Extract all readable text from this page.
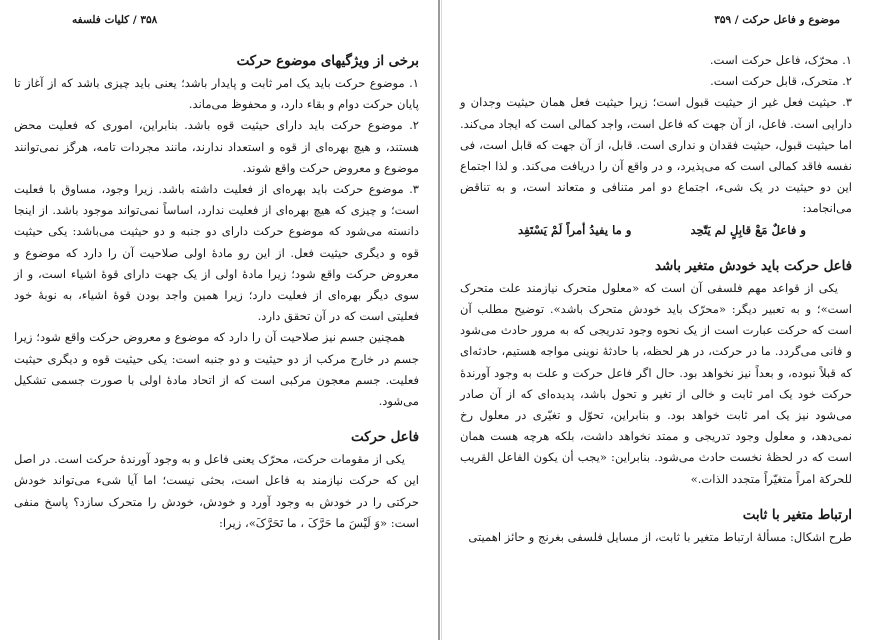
۳۵۸ / کلیات فلسفه

برخی از ویژگیهای موضوع حرکت

۱. موضوع حرکت باید یک امر ثابت و پایدار باشد؛ یعنی باید چیزی باشد که از آغاز تا پایان حرکت دوام و بقاء دارد، و محفوظ می‌ماند.

۲. موضوع حرکت باید دارای حیثیت قوه باشد. بنابراین، اموری که فعلیت محض هستند، و هیچ بهره‌ای از قوه و استعداد ندارند، مانند مجردات تامه، هرگز نمی‌توانند موضوع و معروض حرکت واقع شوند.

۳. موضوع حرکت باید بهره‌ای از فعلیت داشته باشد. زیرا وجود، مساوق با فعلیت است؛ و چیزی که هیچ بهره‌ای از فعلیت ندارد، اساساً نمی‌تواند موجود باشد. از اینجا دانسته می‌شود که موضوع حرکت دارای دو جنبه و دو حیثیت می‌باشد: یکی حیثیت قوه و دیگری حیثیت فعل. از این رو مادهٔ اولی صلاحیت آن را دارد که موضوع و معروض حرکت واقع شود؛ زیرا مادهٔ اولی از یک جهت دارای قوهٔ اشیاء است، و از سوی دیگر بهره‌ای از فعلیت دارد؛ زیرا همین واجد بودن قوهٔ اشیاء، به نوبهٔ خود فعلیتی است که در آن تحقق دارد.

همچنین جسم نیز صلاحیت آن را دارد که موضوع و معروض حرکت واقع شود؛ زیرا جسم در خارج مرکب از دو حیثیت و دو جنبه است: یکی حیثیت قوه و دیگری حیثیت فعلیت. جسم معجون مرکبی است که از اتحاد مادهٔ اولی با صورت جسمی تشکیل می‌شود.

فاعل حرکت

یکی از مقومات حرکت، محرّک یعنی فاعل و به وجود آورندهٔ حرکت است. در اصل این که حرکت نیازمند به فاعل است، بحثی نیست؛ اما آیا شیء می‌تواند خودش حرکتی را در خودش به وجود آورد و خودش، خودش را متحرک سازد؟ پاسخ منفی است: «وَ لَیْسَ ما حَرَّکَ ، ما تَحَرَّکَ»، زیرا:

موضوع و فاعل حرکت / ۳۵۹

۱. محرّک، فاعل حرکت است.

۲. متحرک، قابل حرکت است.

۳. حیثیت فعل غیر از حیثیت قبول است؛ زیرا حیثیت فعل همان حیثیت وجدان و دارایی است. فاعل، از آن جهت که فاعل است، واجد کمالی است که ایجاد می‌کند. اما حیثیت قبول، حیثیت فقدان و نداری است. قابل، از آن جهت که قابل است، فی نفسه فاقد کمالی است که می‌پذیرد، و در واقع آن را دریافت می‌کند. و لذا اجتماع این دو حیثیت در یک شیء، اجتماع دو امر متنافی و متعاند است، و به تناقض می‌انجامد:

و فاعلٌ مَعْ قابِلٍ لم یَتّحِد
و ما یفیدُ أمراً لَمْ یَسْتَفِد

فاعل حرکت باید خودش متغیر باشد

یکی از قواعد مهم فلسفی آن است که «معلول متحرک نیازمند علت متحرک است»؛ و به تعبیر دیگر: «محرّک باید خودش متحرک باشد». توضیح مطلب آن است که حرکت عبارت است از یک نحوه وجود تدریجی که به مرور حادث می‌شود و فانی می‌گردد. ما در حرکت، در هر لحظه، با حادثهٔ نوینی مواجه هستیم، حادثه‌ای که قبلاً نبوده، و بعداً نیز نخواهد بود. حال اگر فاعل حرکت و علت به وجود آورندهٔ حرکت خود یک امر ثابت و خالی از تغیر و تحول باشد، پدیده‌ای که از آن صادر می‌شود نیز یک امر ثابت خواهد بود. و بنابراین، تحوّل و تغیّری در معلول رخ نمی‌دهد، و معلول وجود تدریجی و ممتد نخواهد داشت، بلکه هرچه هست همان است که در لحظهٔ نخست حادث می‌شود. بنابراین: «یجب أن یکون الفاعل القریب للحرکة امراً متغیّراً متجدد الذات.»

ارتباط متغیر با ثابت

طرح اشکال: مسألهٔ ارتباط متغیر با ثابت، از مسایل فلسفی بغرنج و حائز اهمیتی
